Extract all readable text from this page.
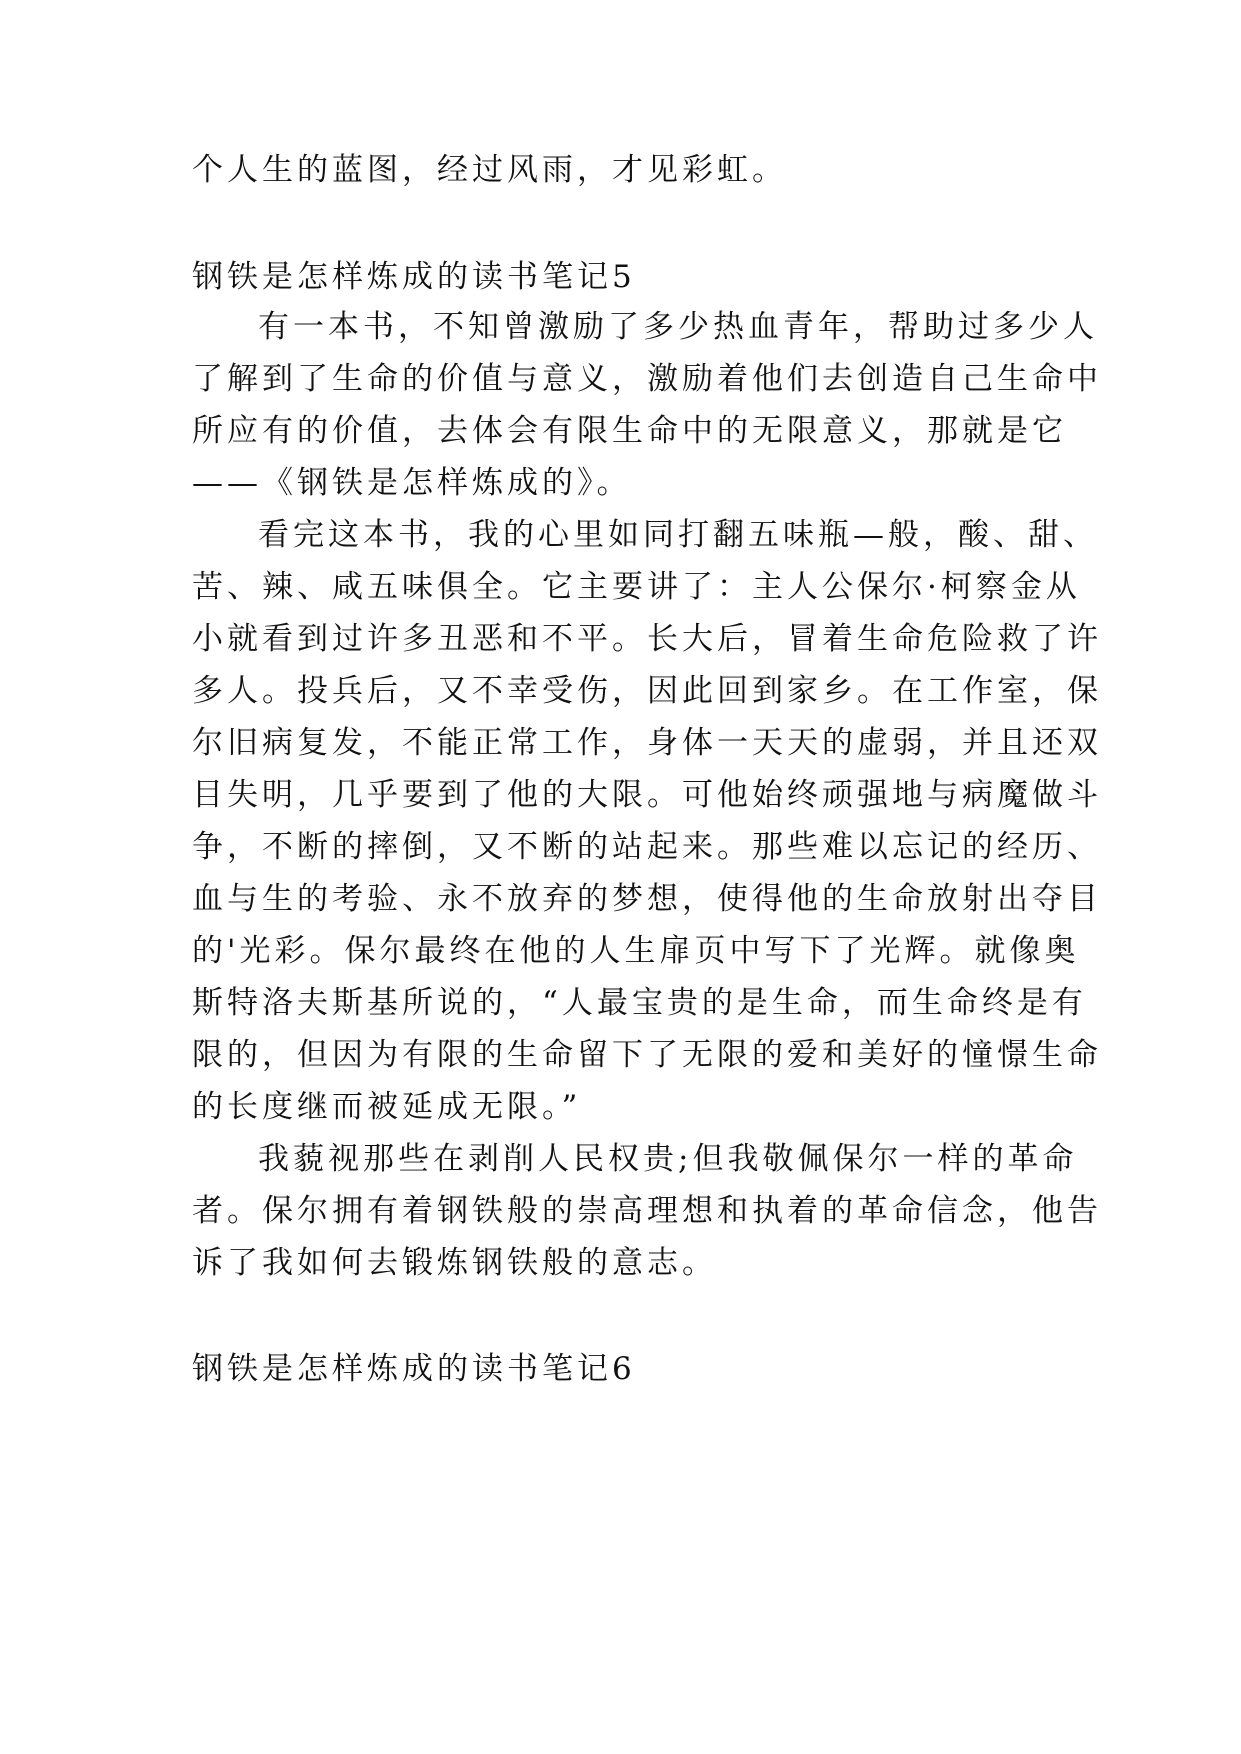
个人生的蓝图，经过风雨，才见彩虹。
钢铁是怎样炼成的读书笔记5
有一本书，不知曾激励了多少热血青年，帮助过多少人
了解到了生命的价值与意义，激励着他们去创造自己生命中
所应有的价值，去体会有限生命中的无限意义，那就是它
——《钢铁是怎样炼成的》。
看完这本书，我的心里如同打翻五味瓶—般，酸、甜、
苦、辣、咸五味俱全。它主要讲了：主人公保尔·柯察金从
小就看到过许多丑恶和不平。长大后，冒着生命危险救了许
多人。投兵后，又不幸受伤，因此回到家乡。在工作室，保
尔旧病复发，不能正常工作，身体一天天的虚弱，并且还双
目失明，几乎要到了他的大限。可他始终顽强地与病魔做斗
争，不断的摔倒，又不断的站起来。那些难以忘记的经历、
血与生的考验、永不放弃的梦想，使得他的生命放射出夺目
的'光彩。保尔最终在他的人生扉页中写下了光辉。就像奥
斯特洛夫斯基所说的，“人最宝贵的是生命，而生命终是有
限的，但因为有限的生命留下了无限的爱和美好的憧憬生命
的长度继而被延成无限。”
我藐视那些在剥削人民权贵;但我敬佩保尔一样的革命
者。保尔拥有着钢铁般的崇高理想和执着的革命信念，他告
诉了我如何去锻炼钢铁般的意志。
钢铁是怎样炼成的读书笔记6
